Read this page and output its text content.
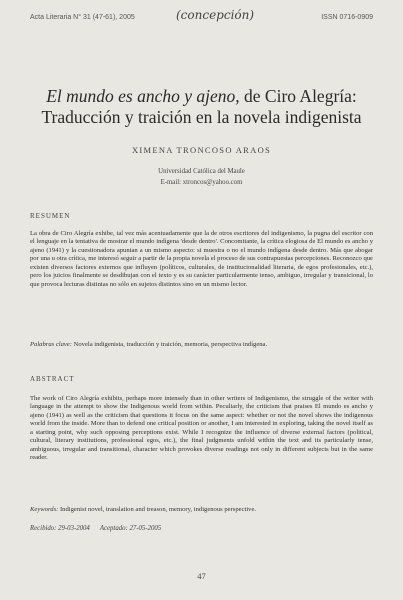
Acta Literaria N° 31 (47-61), 2005	ISSN 0716-0909
(concepción)
El mundo es ancho y ajeno, de Ciro Alegría:
Traducción y traición en la novela indigenista
XIMENA TRONCOSO ARAOS
Universidad Católica del Maule
E-mail: xtroncos@yahoo.com
RESUMEN
La obra de Ciro Alegría exhibe, tal vez más acentuadamente que la de otros escritores del indigenismo, la pugna del escritor con el lenguaje en la tentativa de mostrar el mundo indígena 'desde dentro'. Concomitante, la crítica elogiosa de El mundo es ancho y ajeno (1941) y la cuestionadora apuntan a un mismo aspecto: si muestra o no el mundo indígena desde dentro. Más que abogar por una u otra crítica, me interesó seguir a partir de la propia novela el proceso de sus contrapuestas percepciones. Reconozco que existen diversos factores externos que influyen (políticos, culturales, de institucionalidad literaria, de egos profesionales, etc.), pero los juicios finalmente se desdibujan con el texto y es su carácter particularmente tenso, ambiguo, irregular y transicional, lo que provoca lecturas distintas no sólo en sujetos distintos sino en un mismo lector.
Palabras clave: Novela indigenista, traducción y traición, memoria, perspectiva indígena.
ABSTRACT
The work of Ciro Alegría exhibits, perhaps more intensely than in other writers of Indigenismo, the struggle of the writer with language in the attempt to show the Indigenous world from within. Peculiarly, the criticism that praises El mundo es ancho y ajeno (1941) as well as the criticism that questions it focus on the same aspect: whether or not the novel shows the indigenous world from the inside. More than to defend one critical position or another, I am interested in exploring, taking the novel itself as a starting point, why such opposing perceptions exist. While I recognize the influence of diverse external factors (political, cultural, literary institutions, professional egos, etc.), the final judgments unfold within the text and its particularly tense, ambiguous, irregular and transitional, character which provokes diverse readings not only in different subjects but in the same reader.
Keywords: Indigenist novel, translation and treason, memory, indigenous perspective.
Recibido: 29-03-2004 Aceptado: 27-05-2005
47
